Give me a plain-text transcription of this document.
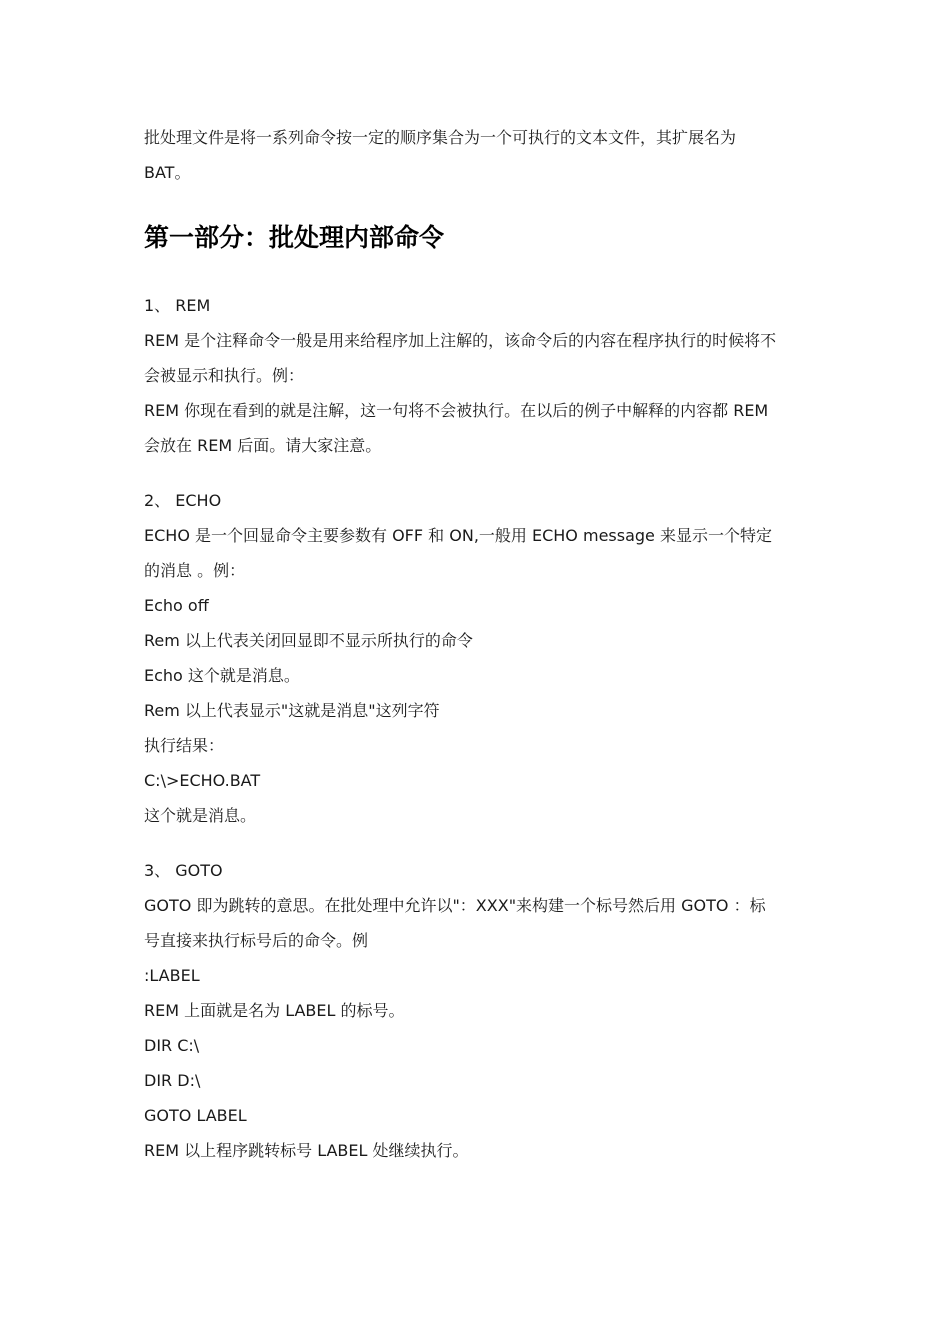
批处理文件是将一系列命令按一定的顺序集合为一个可执行的文本文件，其扩展名为

BAT。

第一部分：批处理内部命令

1、 REM

REM 是个注释命令一般是用来给程序加上注解的，该命令后的内容在程序执行的时候将不

会被显示和执行。例：

REM 你现在看到的就是注解，这一句将不会被执行。在以后的例子中解释的内容都 REM

会放在 REM 后面。请大家注意。

2、 ECHO

ECHO 是一个回显命令主要参数有 OFF 和 ON,一般用 ECHO message 来显示一个特定

的消息 。例：

Echo off

Rem 以上代表关闭回显即不显示所执行的命令

Echo 这个就是消息。

Rem 以上代表显示"这就是消息"这列字符

执行结果：

C:\>ECHO.BAT

这个就是消息。

3、 GOTO

GOTO 即为跳转的意思。在批处理中允许以"：XXX"来构建一个标号然后用 GOTO ：标

号直接来执行标号后的命令。例

:LABEL

REM 上面就是名为 LABEL 的标号。

DIR C:\

DIR D:\

GOTO LABEL

REM 以上程序跳转标号 LABEL 处继续执行。
